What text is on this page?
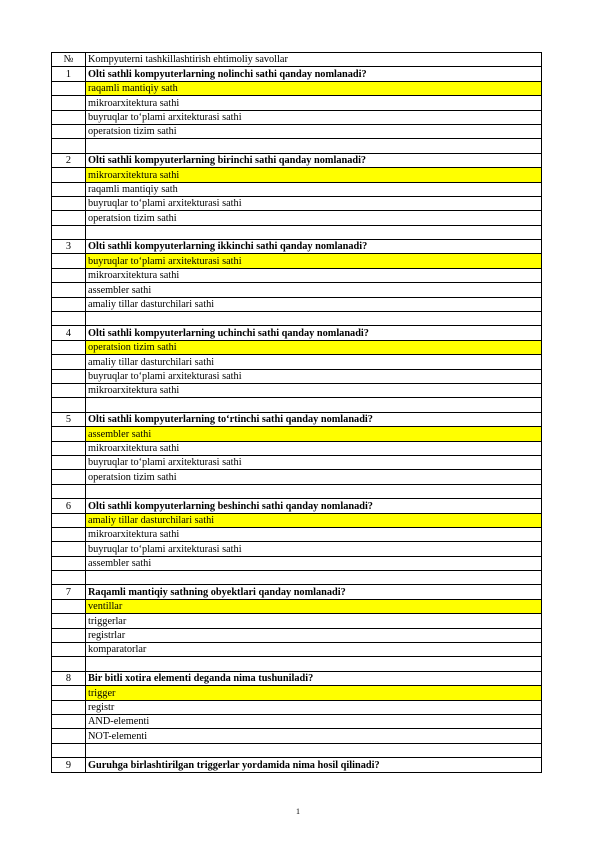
№	Kompyuterni tashkillashtirish ehtimoliy savollar
1	Olti sathli kompyuterlarning nolinchi sathi qanday nomlanadi?
	raqamli mantiqiy sath
	mikroarxitektura sathi
	buyruqlar to‘plami arxitekturasi sathi
	operatsion tizim sathi

2	Olti sathli kompyuterlarning birinchi sathi qanday nomlanadi?
	mikroarxitektura sathi
	raqamli mantiqiy sath
	buyruqlar to‘plami arxitekturasi sathi
	operatsion tizim sathi

3	Olti sathli kompyuterlarning ikkinchi sathi qanday nomlanadi?
	buyruqlar to‘plami arxitekturasi sathi
	mikroarxitektura sathi
	assembler sathi
	amaliy tillar dasturchilari sathi

4	Olti sathli kompyuterlarning uchinchi sathi qanday nomlanadi?
	operatsion tizim sathi
	amaliy tillar dasturchilari sathi
	buyruqlar to‘plami arxitekturasi sathi
	mikroarxitektura sathi

5	Olti sathli kompyuterlarning to‘rtinchi sathi qanday nomlanadi?
	assembler sathi
	mikroarxitektura sathi
	buyruqlar to‘plami arxitekturasi sathi
	operatsion tizim sathi

6	Olti sathli kompyuterlarning beshinchi sathi qanday nomlanadi?
	amaliy tillar dasturchilari sathi
	mikroarxitektura sathi
	buyruqlar to‘plami arxitekturasi sathi
	assembler sathi

7	Raqamli mantiqiy sathning obyektlari qanday nomlanadi?
	ventillar
	triggerlar
	registrlar
	komparatorlar

8	Bir bitli xotira elementi deganda nima tushuniladi?
	trigger
	registr
	AND-elementi
	NOT-elementi

9	Guruhga birlashtirilgan triggerlar yordamida nima hosil qilinadi?
1
